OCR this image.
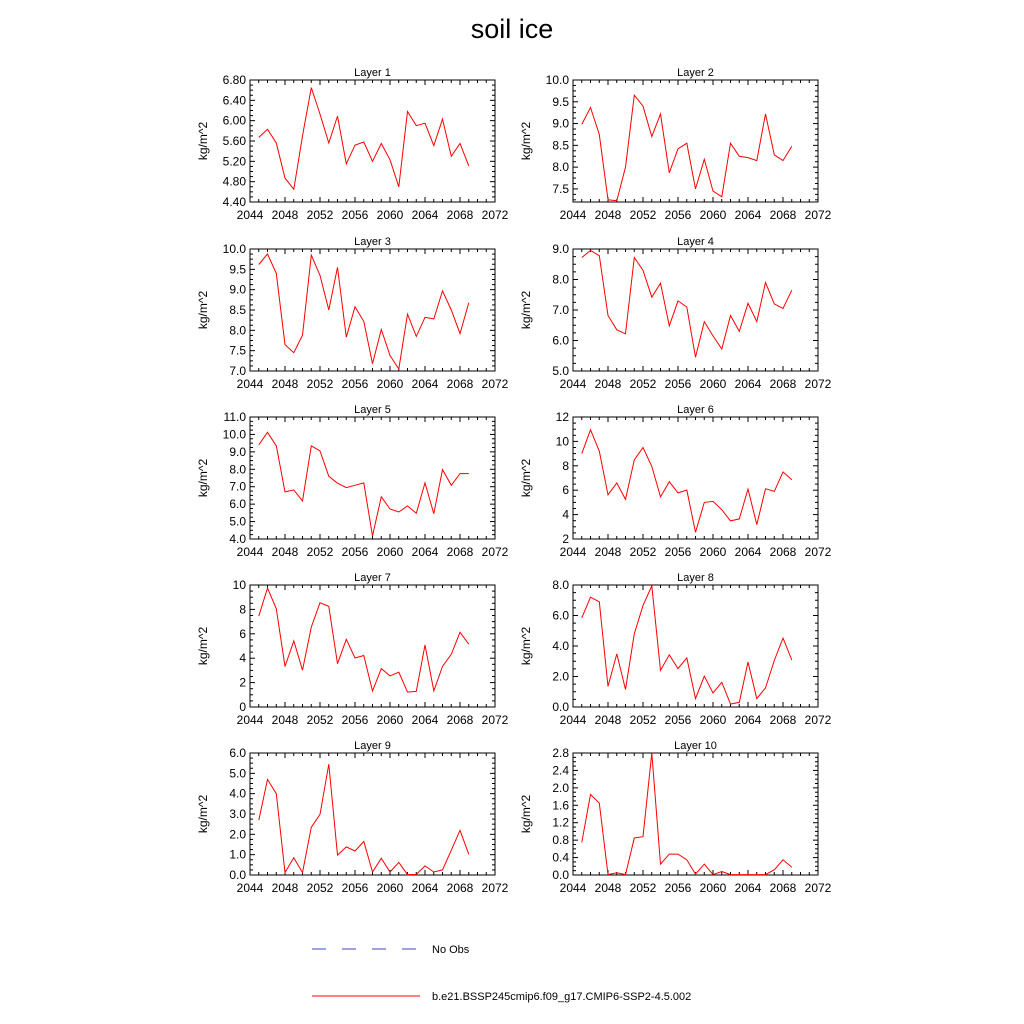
soil ice
Layer 1
kg/m^2
2044 2048 2052 2056 2060 2064 2068 2072
4.40
4.80
5.20
5.60
6.00
6.40
6.80	Layer 2
kg/m^2
2044 2048 2052 2056 2060 2064 2068 2072
7.5
8.0
8.5
9.0
9.5
10.0
Layer 3
kg/m^2
2044 2048 2052 2056 2060 2064 2068 2072
7.0
7.5
8.0
8.5
9.0
9.5
10.0	Layer 4
kg/m^2
2044 2048 2052 2056 2060 2064 2068 2072
5.0
6.0
7.0
8.0
9.0
Layer 5
kg/m^2
2044 2048 2052 2056 2060 2064 2068 2072
4.0
5.0
6.0
7.0
8.0
9.0
10.0
11.0	Layer 6
kg/m^2
2044 2048 2052 2056 2060 2064 2068 2072
2
4
6
8
10
12
Layer 7
kg/m^2
2044 2048 2052 2056 2060 2064 2068 2072
0
2
4
6
8
10	Layer 8
kg/m^2
2044 2048 2052 2056 2060 2064 2068 2072
0.0
2.0
4.0
6.0
8.0
Layer 9
kg/m^2
2044 2048 2052 2056 2060 2064 2068 2072
0.0
1.0
2.0
3.0
4.0
5.0
6.0	Layer 10
kg/m^2
2044 2048 2052 2056 2060 2064 2068 2072
0.0
0.4
0.8
1.2
1.6
2.0
2.4
2.8
No Obs
b.e21.BSSP245cmip6.f09_g17.CMIP6-SSP2-4.5.002
